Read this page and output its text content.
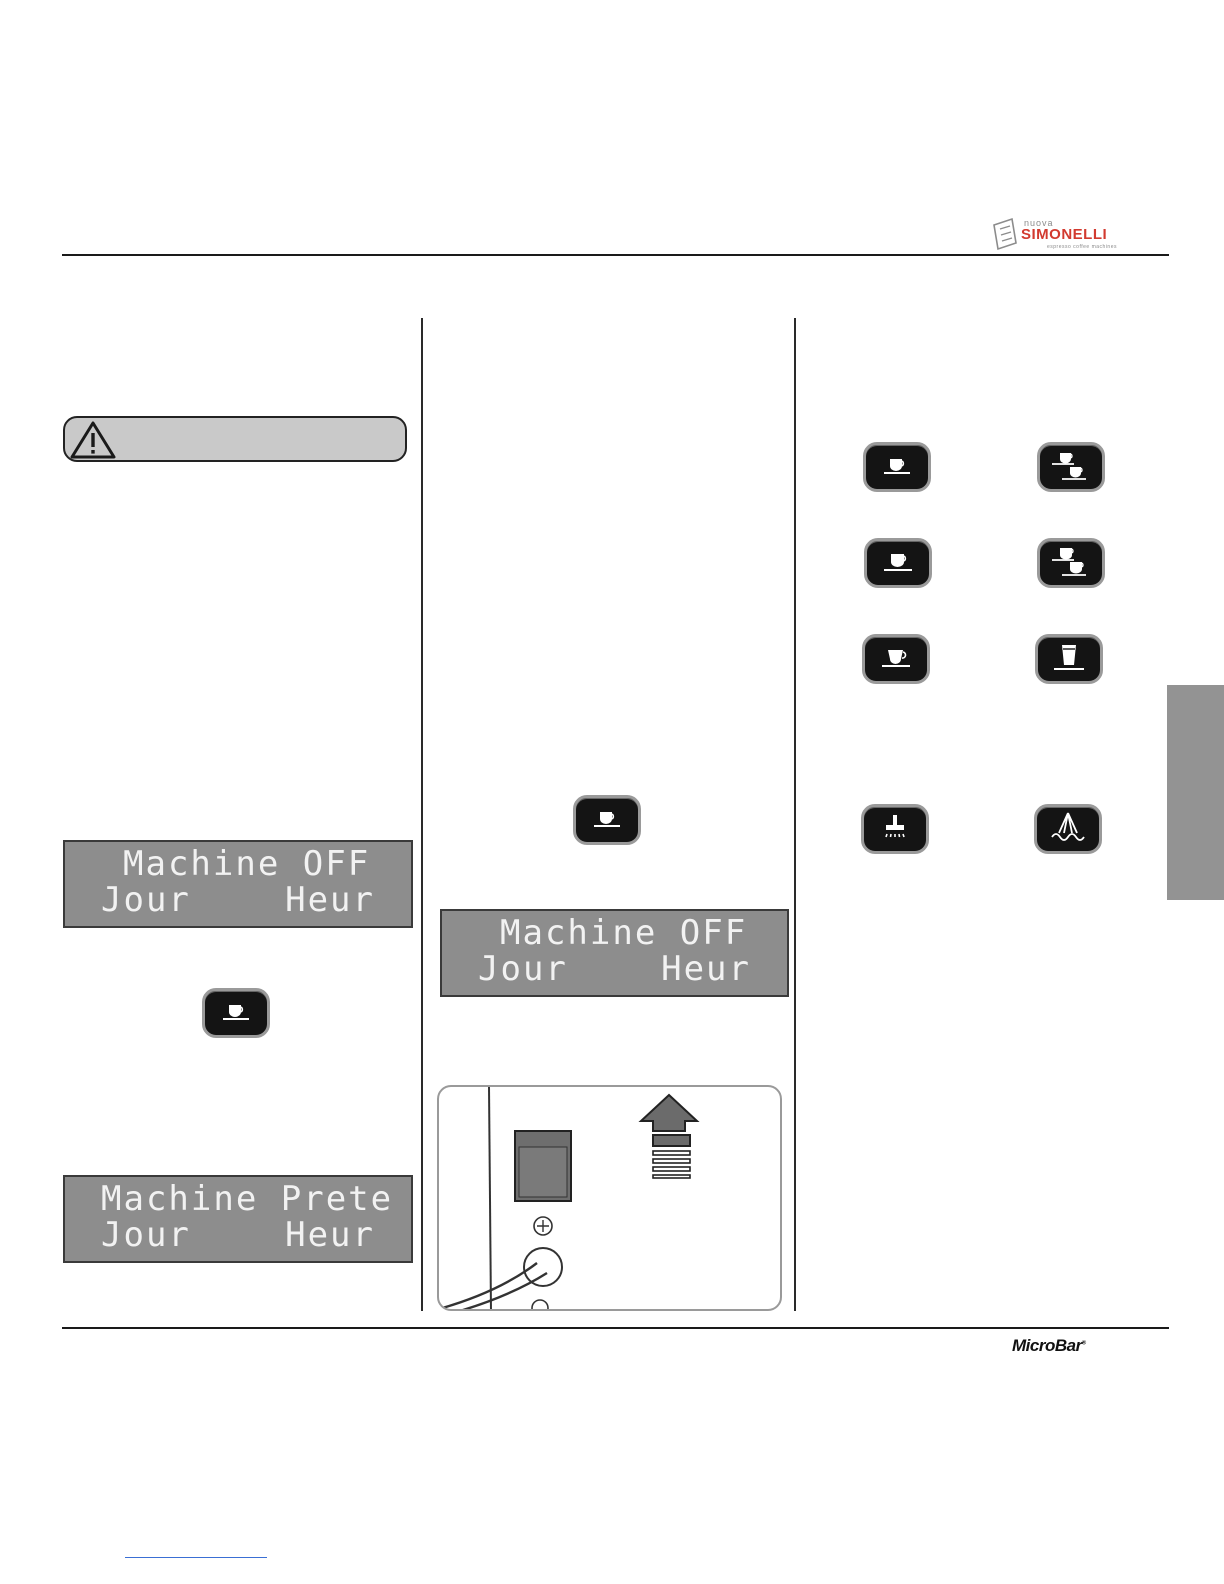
nuova
SIMONELLI
espresso coffee machines
Machine OFF
Jour	Heur
Machine Prete
Jour	Heur
Machine OFF
Jour	Heur
MicroBar®
